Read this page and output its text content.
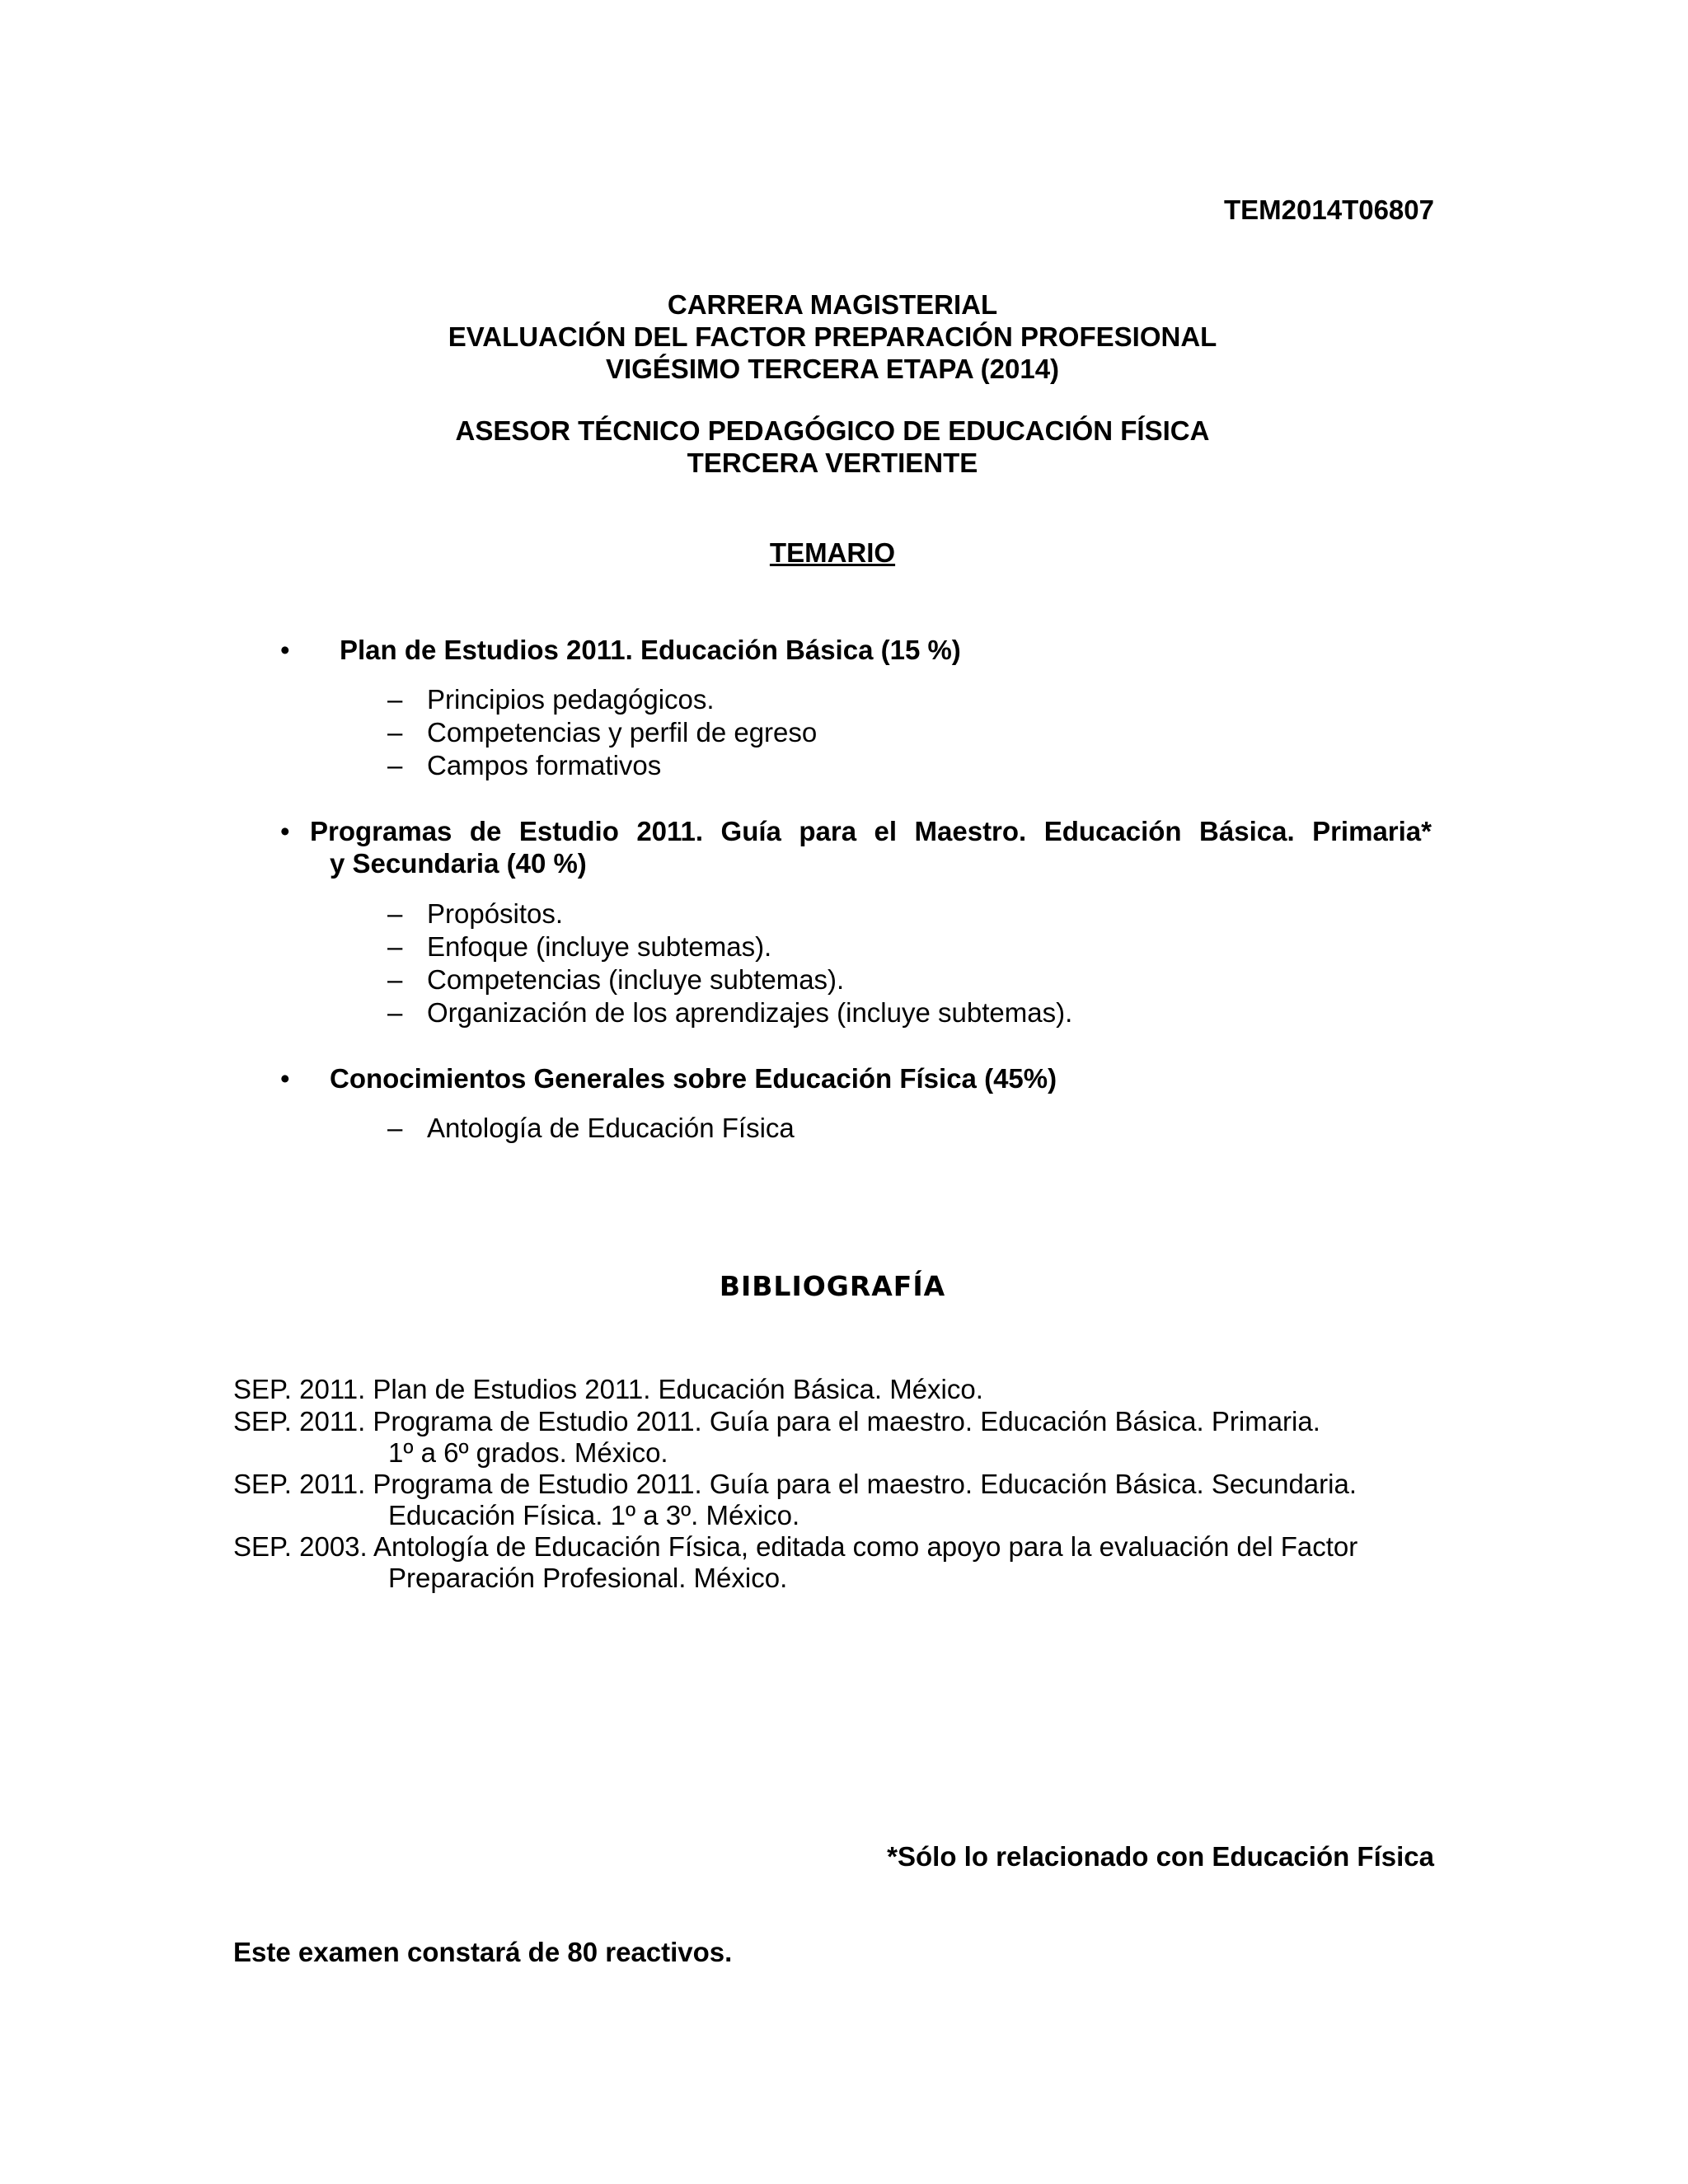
TEM2014T06807
CARRERA MAGISTERIAL
EVALUACIÓN DEL FACTOR PREPARACIÓN PROFESIONAL
VIGÉSIMO TERCERA ETAPA (2014)
ASESOR TÉCNICO PEDAGÓGICO DE EDUCACIÓN FÍSICA
TERCERA VERTIENTE
TEMARIO
• Plan de Estudios 2011. Educación Básica (15 %)
– Principios pedagógicos.
– Competencias y perfil de egreso
– Campos formativos
• Programas de Estudio 2011. Guía para el Maestro. Educación Básica. Primaria*
y Secundaria (40 %)
– Propósitos.
– Enfoque (incluye subtemas).
– Competencias (incluye subtemas).
– Organización de los aprendizajes (incluye subtemas).
• Conocimientos Generales sobre Educación Física (45%)
– Antología de Educación Física
BIBLIOGRAFÍA
SEP. 2011. Plan de Estudios 2011. Educación Básica. México.
SEP. 2011. Programa de Estudio 2011. Guía para el maestro. Educación Básica. Primaria.
1º a 6º grados. México.
SEP. 2011. Programa de Estudio 2011. Guía para el maestro. Educación Básica. Secundaria.
Educación Física. 1º a 3º. México.
SEP. 2003. Antología de Educación Física, editada como apoyo para la evaluación del Factor
Preparación Profesional. México.
*Sólo lo relacionado con Educación Física
Este examen constará de 80 reactivos.
